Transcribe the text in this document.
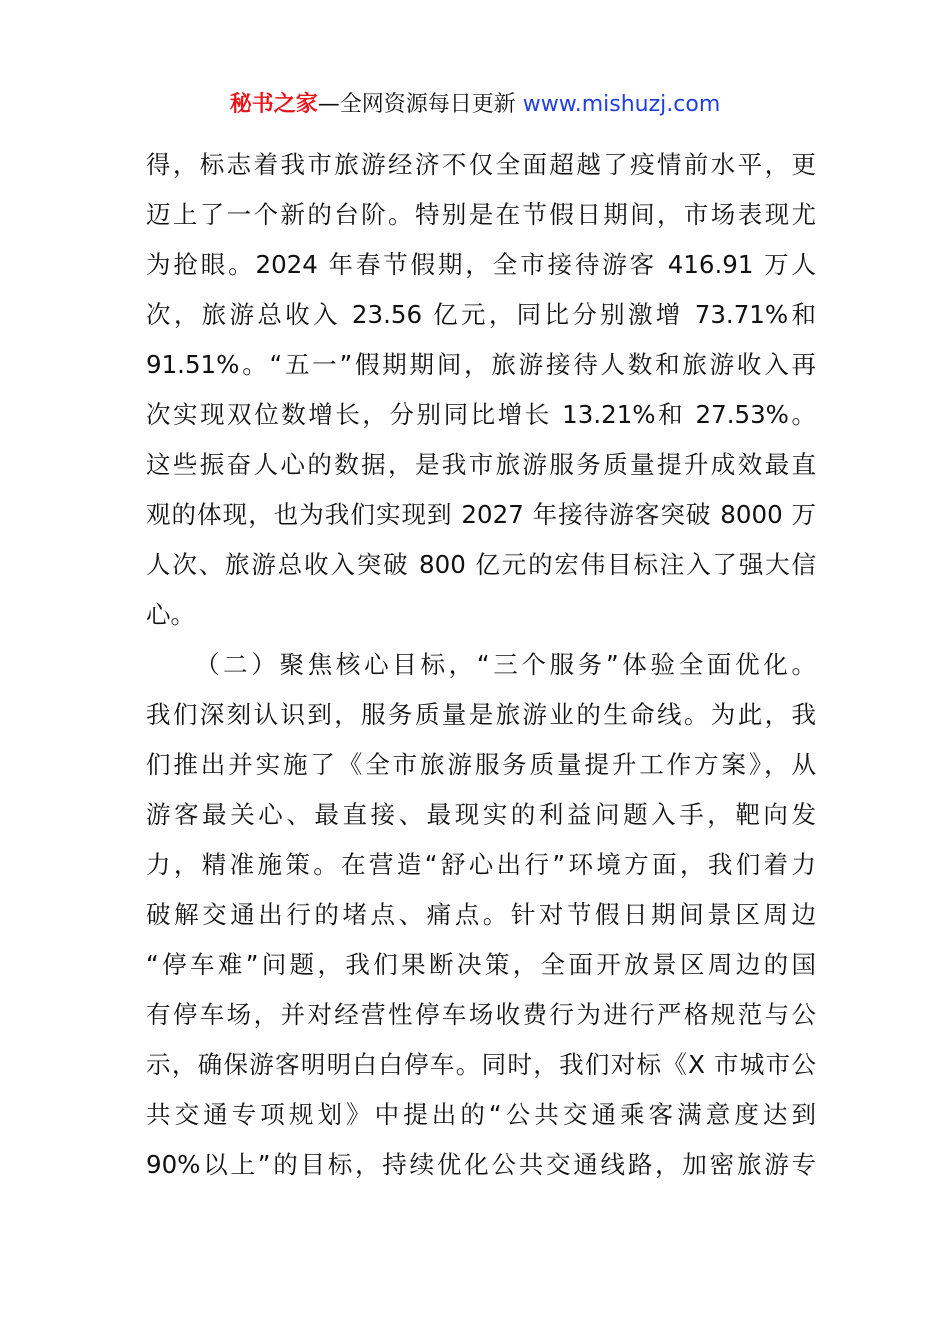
秘书之家—全网资源每日更新 www.mishuzj.com
得，标志着我市旅游经济不仅全面超越了疫情前水平，更
迈上了一个新的台阶。特别是在节假日期间，市场表现尤
为抢眼。2024 年春节假期，全市接待游客 416.91 万人
次，旅游总收入 23.56 亿元，同比分别激增 73.71%和
91.51%。“五一”假期期间，旅游接待人数和旅游收入再
次实现双位数增长，分别同比增长 13.21%和 27.53%。
这些振奋人心的数据，是我市旅游服务质量提升成效最直
观的体现，也为我们实现到 2027 年接待游客突破 8000 万
人次、旅游总收入突破 800 亿元的宏伟目标注入了强大信
心。
（二）聚焦核心目标，“三个服务”体验全面优化。
我们深刻认识到，服务质量是旅游业的生命线。为此，我
们推出并实施了《全市旅游服务质量提升工作方案》，从
游客最关心、最直接、最现实的利益问题入手，靶向发
力，精准施策。在营造“舒心出行”环境方面，我们着力
破解交通出行的堵点、痛点。针对节假日期间景区周边
“停车难”问题，我们果断决策，全面开放景区周边的国
有停车场，并对经营性停车场收费行为进行严格规范与公
示，确保游客明明白白停车。同时，我们对标《X 市城市公
共交通专项规划》中提出的“公共交通乘客满意度达到
90%以上”的目标，持续优化公共交通线路，加密旅游专
